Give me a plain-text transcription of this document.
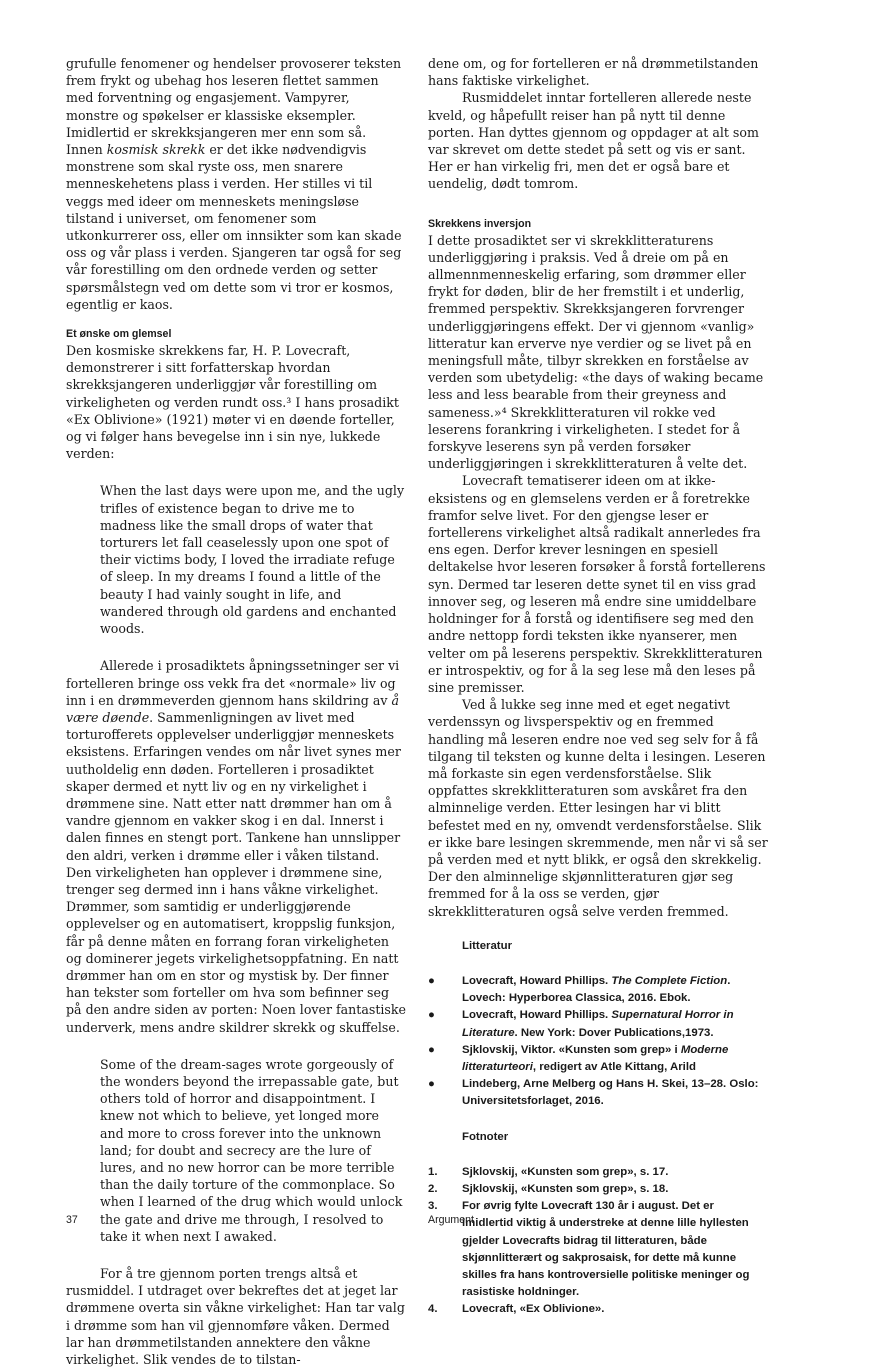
grufulle fenomener og hendelser provoserer teksten frem frykt og ubehag hos leseren flettet sammen med forventning og engasjement. Vampyrer, monstre og spøkelser er klassiske eksempler. Imidlertid er skrekksjangeren mer enn som så. Innen kosmisk skrekk er det ikke nødvendigvis monstrene som skal ryste oss, men snarere menneskehetens plass i verden. Her stilles vi til veggs med ideer om menneskets meningsløse tilstand i universet, om fenomener som utkonkurrerer oss, eller om innsikter som kan skade oss og vår plass i verden. Sjangeren tar også for seg vår forestilling om den ordnede verden og setter spørsmålstegn ved om dette som vi tror er kosmos, egentlig er kaos.

Et ønske om glemsel

Den kosmiske skrekkens far, H. P. Lovecraft, demonstrerer i sitt forfatterskap hvordan skrekksjangeren underliggjør vår forestilling om virkeligheten og verden rundt oss.³ I hans prosadikt «Ex Oblivione» (1921) møter vi en døende forteller, og vi følger hans bevegelse inn i sin nye, lukkede verden:

When the last days were upon me, and the ugly trifles of existence began to drive me to madness like the small drops of water that torturers let fall ceaselessly upon one spot of their victims body, I loved the irradiate refuge of sleep. In my dreams I found a little of the beauty I had vainly sought in life, and wandered through old gardens and enchanted woods.

Allerede i prosadiktets åpningssetninger ser vi fortelleren bringe oss vekk fra det «normale» liv og inn i en drømmeverden gjennom hans skildring av å være døende. Sammenligningen av livet med torturofferets opplevelser underliggjør menneskets eksistens. Erfaringen vendes om når livet synes mer uutholdelig enn døden. Fortelleren i prosadiktet skaper dermed et nytt liv og en ny virkelighet i drømmene sine. Natt etter natt drømmer han om å vandre gjennom en vakker skog i en dal. Innerst i dalen finnes en stengt port. Tankene han unnslipper den aldri, verken i drømme eller i våken tilstand. Den virkeligheten han opplever i drømmene sine, trenger seg dermed inn i hans våkne virkelighet. Drømmer, som samtidig er underliggjørende opplevelser og en automatisert, kroppslig funksjon, får på denne måten en forrang foran virkeligheten og dominerer jegets virkelighetsoppfatning. En natt drømmer han om en stor og mystisk by. Der finner han tekster som forteller om hva som befinner seg på den andre siden av porten: Noen lover fantastiske underverk, mens andre skildrer skrekk og skuffelse.

Some of the dream-sages wrote gorgeously of the wonders beyond the irrepassable gate, but others told of horror and disappointment. I knew not which to believe, yet longed more and more to cross forever into the unknown land; for doubt and secrecy are the lure of lures, and no new horror can be more terrible than the daily torture of the commonplace. So when I learned of the drug which would unlock the gate and drive me through, I resolved to take it when next I awaked.

For å tre gjennom porten trengs altså et rusmiddel. I utdraget over bekreftes det at jeget lar drømmene overta sin våkne virkelighet: Han tar valg i drømme som han vil gjennomføre våken. Dermed lar han drømmetilstanden annektere den våkne virkelighet. Slik vendes de to tilstan-

dene om, og for fortelleren er nå drømmetilstanden hans faktiske virkelighet.

Rusmiddelet inntar fortelleren allerede neste kveld, og håpefullt reiser han på nytt til denne porten. Han dyttes gjennom og oppdager at alt som var skrevet om dette stedet på sett og vis er sant. Her er han virkelig fri, men det er også bare et uendelig, dødt tomrom.

Skrekkens inversjon

I dette prosadiktet ser vi skrekklitteraturens underliggjøring i praksis. Ved å dreie om på en allmennmenneskelig erfaring, som drømmer eller frykt for døden, blir de her fremstilt i et underlig, fremmed perspektiv. Skrekksjangeren forvrenger underliggjøringens effekt. Der vi gjennom «vanlig» litteratur kan erverve nye verdier og se livet på en meningsfull måte, tilbyr skrekken en forståelse av verden som ubetydelig: «the days of waking became less and less bearable from their greyness and sameness.»⁴ Skrekklitteraturen vil rokke ved leserens forankring i virkeligheten. I stedet for å forskyve leserens syn på verden forsøker underliggjøringen i skrekklitteraturen å velte det.

Lovecraft tematiserer ideen om at ikke-eksistens og en glemselens verden er å foretrekke framfor selve livet. For den gjengse leser er fortellerens virkelighet altså radikalt annerledes fra ens egen. Derfor krever lesningen en spesiell deltakelse hvor leseren forsøker å forstå fortellerens syn. Dermed tar leseren dette synet til en viss grad innover seg, og leseren må endre sine umiddelbare holdninger for å forstå og identifisere seg med den andre nettopp fordi teksten ikke nyanserer, men velter om på leserens perspektiv. Skrekklitteraturen er introspektiv, og for å la seg lese må den leses på sine premisser.

Ved å lukke seg inne med et eget negativt verdenssyn og livsperspektiv og en fremmed handling må leseren endre noe ved seg selv for å få tilgang til teksten og kunne delta i lesingen. Leseren må forkaste sin egen verdensforståelse. Slik oppfattes skrekklitteraturen som avskåret fra den alminnelige verden. Etter lesingen har vi blitt befestet med en ny, omvendt verdensforståelse. Slik er ikke bare lesingen skremmende, men når vi så ser på verden med et nytt blikk, er også den skrekkelig. Der den alminnelige skjønnlitteraturen gjør seg fremmed for å la oss se verden, gjør skrekklitteraturen også selve verden fremmed.

Litteratur
● Lovecraft, Howard Phillips. The Complete Fiction. Lovech: Hyperborea Classica, 2016. Ebok.
● Lovecraft, Howard Phillips. Supernatural Horror in Literature. New York: Dover Publications,1973.
● Sjklovskij, Viktor. «Kunsten som grep» i Moderne litteraturteori, redigert av Atle Kittang, Arild
● Lindeberg, Arne Melberg og Hans H. Skei, 13–28. Oslo: Universitetsforlaget, 2016.
Fotnoter
1. Sjklovskij, «Kunsten som grep», s. 17.
2. Sjklovskij, «Kunsten som grep», s. 18.
3. For øvrig fylte Lovecraft 130 år i august. Det er imidlertid viktig å understreke at denne lille hyllesten gjelder Lovecrafts bidrag til litteraturen, både skjønnlitterært og sakprosaisk, for dette må kunne skilles fra hans kontroversielle politiske meninger og rasistiske holdninger.
4. Lovecraft, «Ex Oblivione».
37	Argument
